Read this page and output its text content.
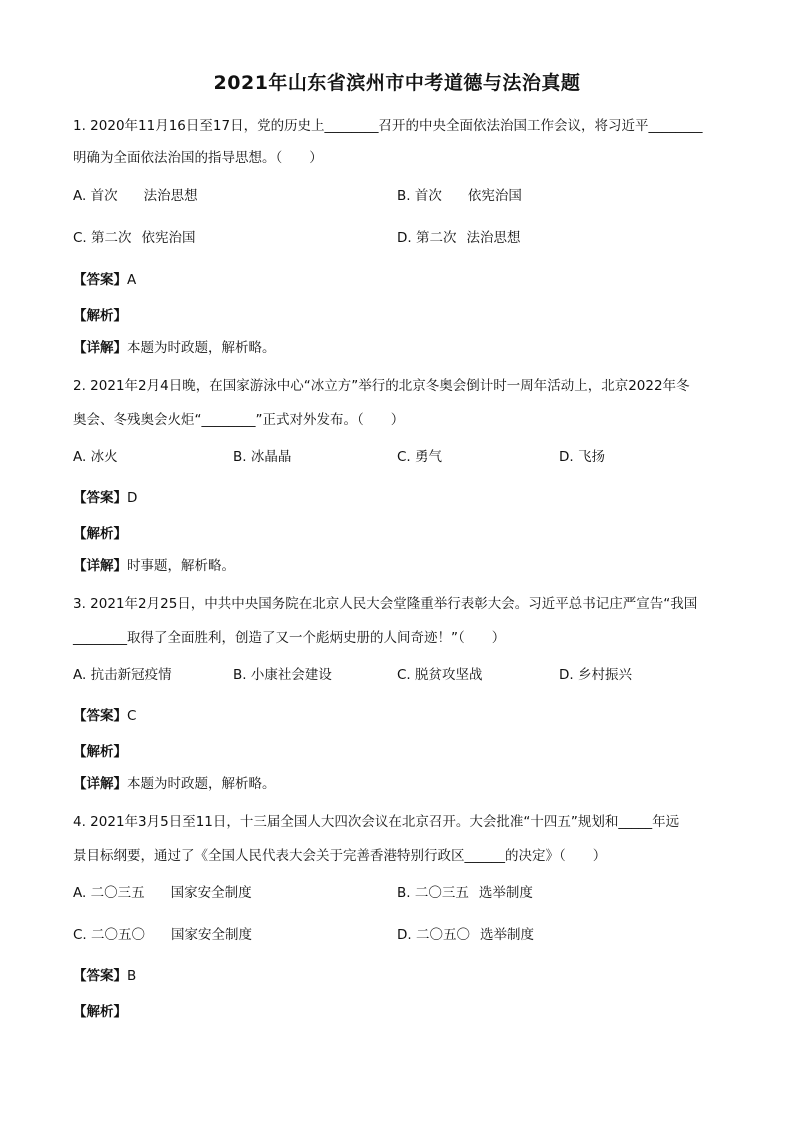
2021年山东省滨州市中考道德与法治真题
1. 2020年11月16日至17日，党的历史上________召开的中央全面依法治国工作会议，将习近平________
明确为全面依法治国的指导思想。（　　）
A. 首次 法治思想	B. 首次 依宪治国
C. 第二次 依宪治国	D. 第二次 法治思想
【答案】A
【解析】
【详解】本题为时政题，解析略。
2. 2021年2月4日晚，在国家游泳中心“冰立方”举行的北京冬奥会倒计时一周年活动上，北京2022年冬
奥会、冬残奥会火炬“________”正式对外发布。（　　）
A. 冰火	B. 冰晶晶	C. 勇气	D. 飞扬
【答案】D
【解析】
【详解】时事题，解析略。
3. 2021年2月25日，中共中央国务院在北京人民大会堂隆重举行表彰大会。习近平总书记庄严宣告“我国
________取得了全面胜利，创造了又一个彪炳史册的人间奇迹！”（　　）
A. 抗击新冠疫情	B. 小康社会建设	C. 脱贫攻坚战	D. 乡村振兴
【答案】C
【解析】
【详解】本题为时政题，解析略。
4. 2021年3月5日至11日，十三届全国人大四次会议在北京召开。大会批准“十四五”规划和_____年远
景目标纲要，通过了《全国人民代表大会关于完善香港特别行政区______的决定》（　　）
A. 二〇三五 国家安全制度	B. 二〇三五 选举制度
C. 二〇五〇 国家安全制度	D. 二〇五〇 选举制度
【答案】B
【解析】
